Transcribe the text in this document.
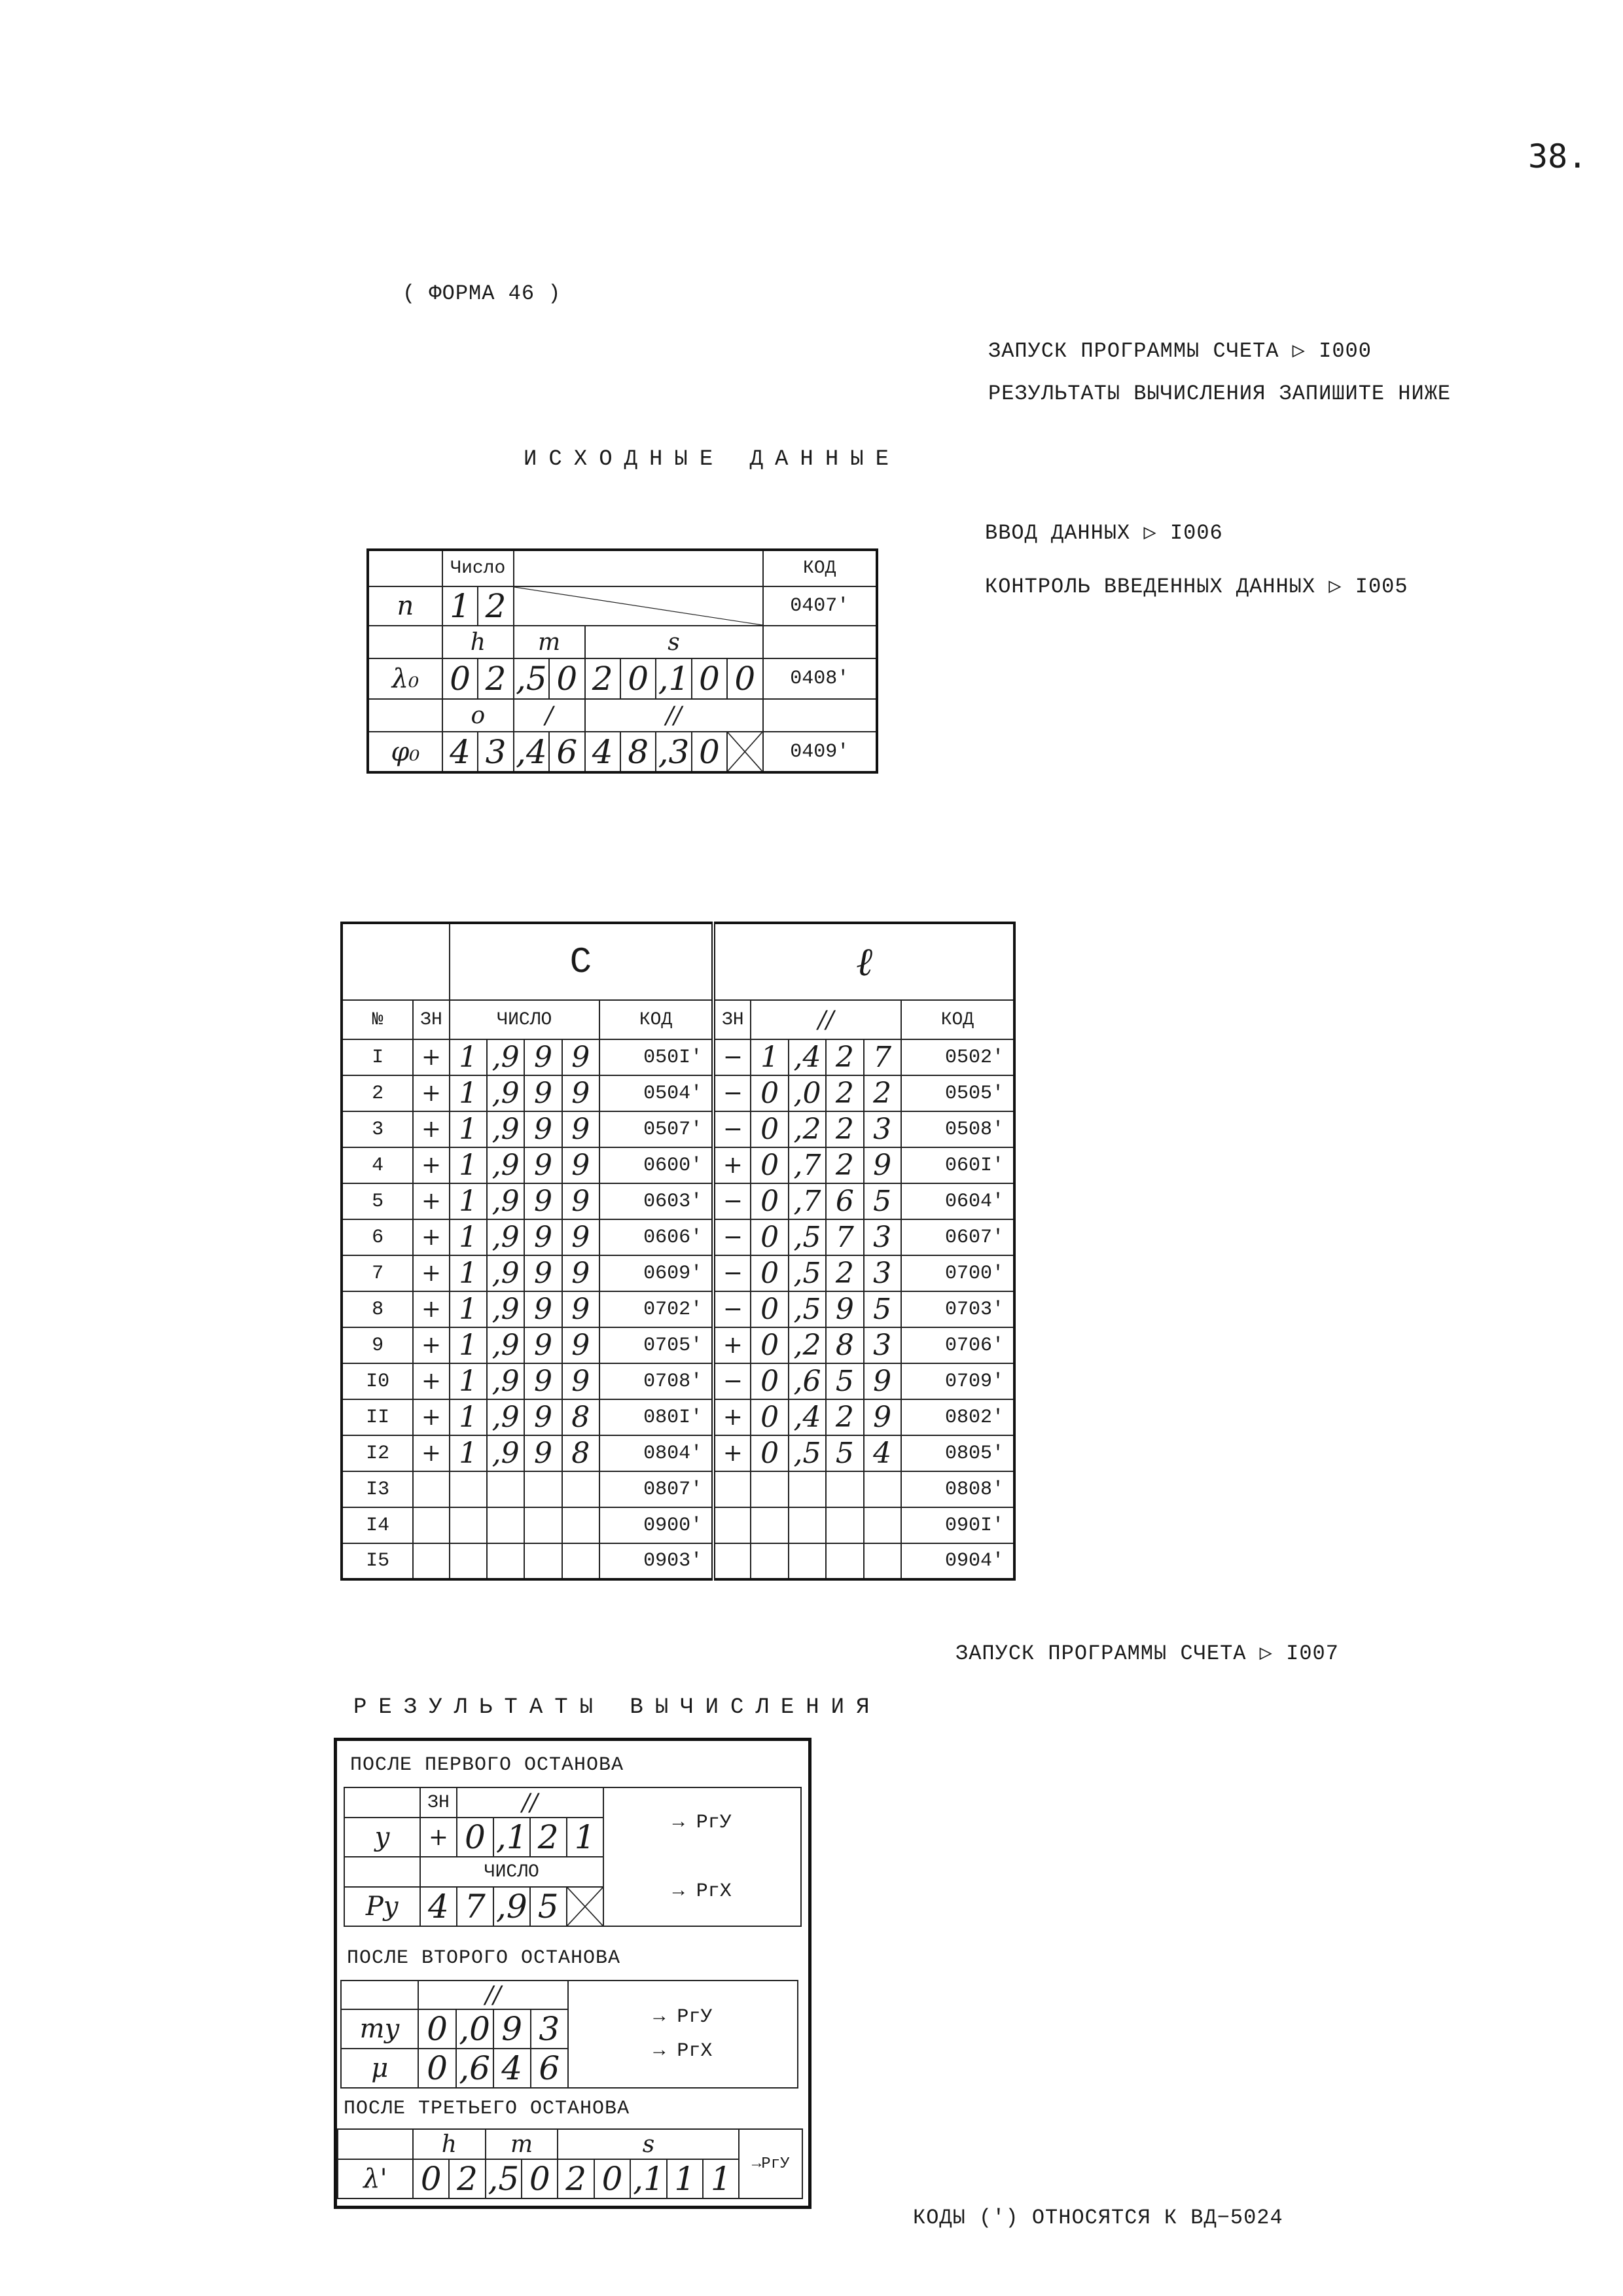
38.
( ФОРМА 46 )
ЗАПУСК ПРОГРАММЫ СЧЕТА ▷ I000
РЕЗУЛЬТАТЫ ВЫЧИСЛЕНИЯ ЗАПИШИТЕ НИЖЕ
ВВОД ДАННЫХ ▷ I006
КОНТРОЛЬ ВВЕДЕННЫХ ДАННЫХ ▷ I005
ИСХОДНЫЕ ДАННЫЕ
	Число									КОД
n	1	2								0407'
	h		m		s					
λ₀	0	2	,5	0	2	0	,1	0	0	0408'
	o		/		//					
φ₀	4	3	,4	6	4	8	,3	0		0409'
		C					ℓ					
№	ЗН	ЧИСЛО				КОД	ЗН	//				КОД
I	+	1	,9	9	9	050I'	−	1	,4	2	7	0502'
2	+	1	,9	9	9	0504'	−	0	,0	2	2	0505'
3	+	1	,9	9	9	0507'	−	0	,2	2	3	0508'
4	+	1	,9	9	9	0600'	+	0	,7	2	9	060I'
5	+	1	,9	9	9	0603'	−	0	,7	6	5	0604'
6	+	1	,9	9	9	0606'	−	0	,5	7	3	0607'
7	+	1	,9	9	9	0609'	−	0	,5	2	3	0700'
8	+	1	,9	9	9	0702'	−	0	,5	9	5	0703'
9	+	1	,9	9	9	0705'	+	0	,2	8	3	0706'
I0	+	1	,9	9	9	0708'	−	0	,6	5	9	0709'
II	+	1	,9	9	8	080I'	+	0	,4	2	9	0802'
I2	+	1	,9	9	8	0804'	+	0	,5	5	4	0805'
I3						0807'						0808'
I4						0900'						090I'
I5						0903'						0904'
ЗАПУСК ПРОГРАММЫ СЧЕТА ▷ I007
РЕЗУЛЬТАТЫ ВЫЧИСЛЕНИЯ
ПОСЛЕ ПЕРВОГО ОСТАНОВА
	ЗН	//				→ РгУ
y	+	0	,1	2	1	
	ЧИСЛО					→ РгХ
Pу	4	7	,9	5	
ПОСЛЕ ВТОРОГО ОСТАНОВА
	//				→ РгУ
→ РгХ

mу	0	,0	9	3	
μ	0	,6	4	6	
ПОСЛЕ ТРЕТЬЕГО ОСТАНОВА
	h		m		s					→РгУ
λ'	0	2	,5	0	2	0	,1	1	1	
КОДЫ (') ОТНОСЯТСЯ К ВД−5024
